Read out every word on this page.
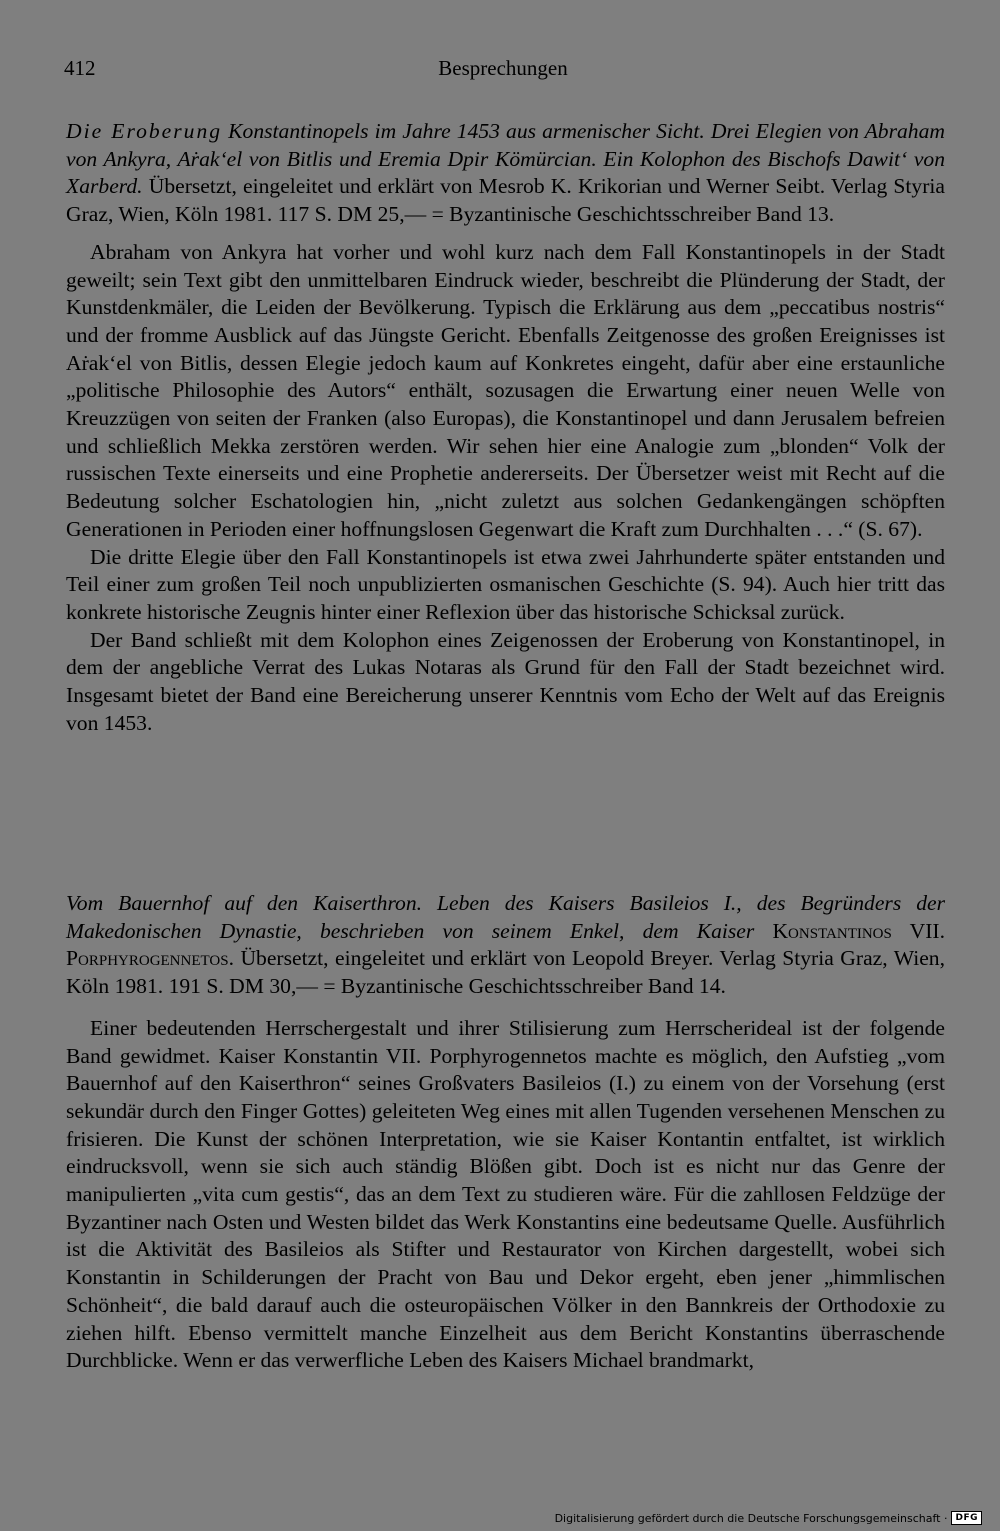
412	Besprechungen

Die Eroberung Konstantinopels im Jahre 1453 aus armenischer Sicht. Drei Elegien von Abraham von Ankyra, Aṙak‘el von Bitlis und Eremia Dpir Kömürcian. Ein Kolophon des Bischofs Dawit‘ von Xarberd. Übersetzt, eingeleitet und erklärt von Mesrob K. Krikorian und Werner Seibt. Verlag Styria Graz, Wien, Köln 1981. 117 S. DM 25,— = Byzantinische Geschichtsschreiber Band 13.

Abraham von Ankyra hat vorher und wohl kurz nach dem Fall Konstantinopels in der Stadt geweilt; sein Text gibt den unmittelbaren Eindruck wieder, beschreibt die Plünderung der Stadt, der Kunstdenkmäler, die Leiden der Bevölkerung. Typisch die Erklärung aus dem „peccatibus nostris“ und der fromme Ausblick auf das Jüngste Gericht. Ebenfalls Zeitgenosse des großen Ereignisses ist Aṙak‘el von Bitlis, dessen Elegie jedoch kaum auf Konkretes eingeht, dafür aber eine erstaunliche „politische Philosophie des Autors“ enthält, sozusagen die Erwartung einer neuen Welle von Kreuzzügen von seiten der Franken (also Europas), die Konstantinopel und dann Jerusalem befreien und schließlich Mekka zerstören werden. Wir sehen hier eine Analogie zum „blonden“ Volk der russischen Texte einerseits und eine Prophetie andererseits. Der Übersetzer weist mit Recht auf die Bedeutung solcher Eschatologien hin, „nicht zuletzt aus solchen Gedankengängen schöpften Generationen in Perioden einer hoffnungslosen Gegenwart die Kraft zum Durchhalten . . .“ (S. 67).

Die dritte Elegie über den Fall Konstantinopels ist etwa zwei Jahrhunderte später entstanden und Teil einer zum großen Teil noch unpublizierten osmanischen Geschichte (S. 94). Auch hier tritt das konkrete historische Zeugnis hinter einer Reflexion über das historische Schicksal zurück.

Der Band schließt mit dem Kolophon eines Zeigenossen der Eroberung von Konstantinopel, in dem der angebliche Verrat des Lukas Notaras als Grund für den Fall der Stadt bezeichnet wird. Insgesamt bietet der Band eine Bereicherung unserer Kenntnis vom Echo der Welt auf das Ereignis von 1453.

Vom Bauernhof auf den Kaiserthron. Leben des Kaisers Basileios I., des Begründers der Makedonischen Dynastie, beschrieben von seinem Enkel, dem Kaiser Konstantinos VII. Porphyrogennetos. Übersetzt, eingeleitet und erklärt von Leopold Breyer. Verlag Styria Graz, Wien, Köln 1981. 191 S. DM 30,— = Byzantinische Geschichtsschreiber Band 14.

Einer bedeutenden Herrschergestalt und ihrer Stilisierung zum Herrscherideal ist der folgende Band gewidmet. Kaiser Konstantin VII. Porphyrogennetos machte es möglich, den Aufstieg „vom Bauernhof auf den Kaiserthron“ seines Großvaters Basileios (I.) zu einem von der Vorsehung (erst sekundär durch den Finger Gottes) geleiteten Weg eines mit allen Tugenden versehenen Menschen zu frisieren. Die Kunst der schönen Interpretation, wie sie Kaiser Kontantin entfaltet, ist wirklich eindrucksvoll, wenn sie sich auch ständig Blößen gibt. Doch ist es nicht nur das Genre der manipulierten „vita cum gestis“, das an dem Text zu studieren wäre. Für die zahllosen Feldzüge der Byzantiner nach Osten und Westen bildet das Werk Konstantins eine bedeutsame Quelle. Ausführlich ist die Aktivität des Basileios als Stifter und Restaurator von Kirchen dargestellt, wobei sich Konstantin in Schilderungen der Pracht von Bau und Dekor ergeht, eben jener „himmlischen Schönheit“, die bald darauf auch die osteuropäischen Völker in den Bannkreis der Orthodoxie zu ziehen hilft. Ebenso vermittelt manche Einzelheit aus dem Bericht Konstantins überraschende Durchblicke. Wenn er das verwerfliche Leben des Kaisers Michael brandmarkt,

Digitalisierung gefördert durch die Deutsche Forschungsgemeinschaft · DFG
